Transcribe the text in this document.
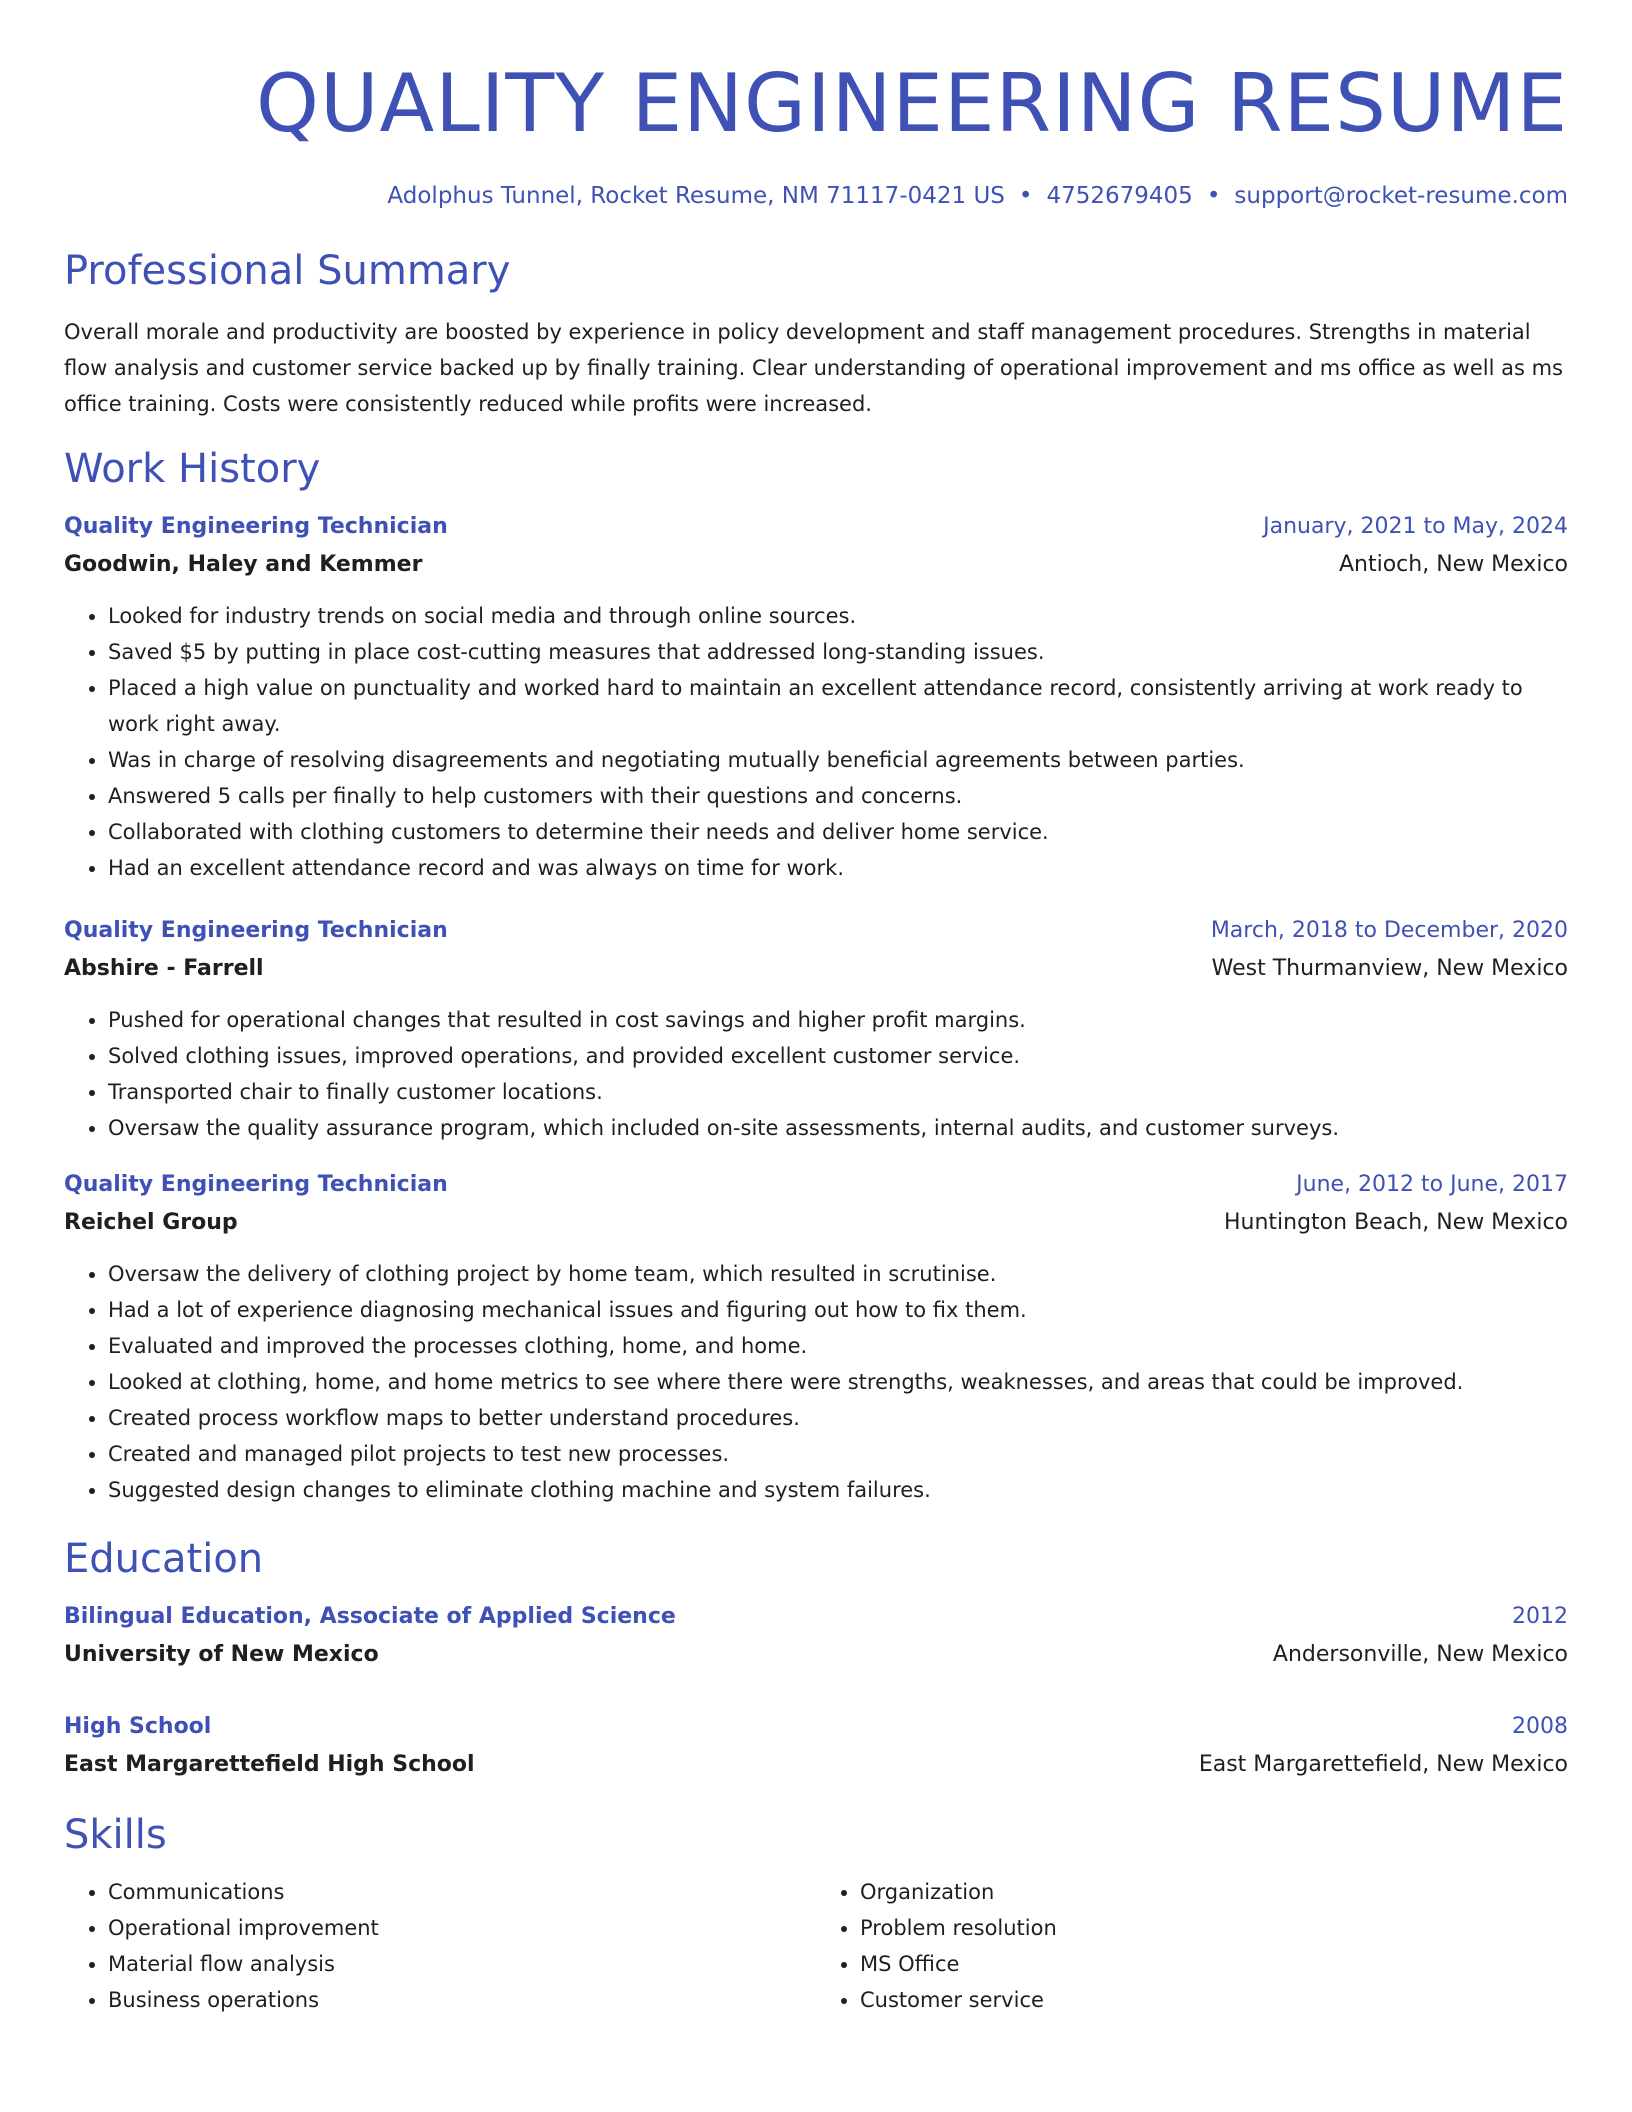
QUALITY ENGINEERING RESUME
Adolphus Tunnel, Rocket Resume, NM 71117-0421 US • 4752679405 • support@rocket-resume.com
Professional Summary

Overall morale and productivity are boosted by experience in policy development and staff management procedures. Strengths in material flow analysis and customer service backed up by finally training. Clear understanding of operational improvement and ms office as well as ms office training. Costs were consistently reduced while profits were increased.

Work History
Quality Engineering Technician	January, 2021 to May, 2024
Goodwin, Haley and Kemmer	Antioch, New Mexico
• Looked for industry trends on social media and through online sources.
• Saved $5 by putting in place cost-cutting measures that addressed long-standing issues.
• Placed a high value on punctuality and worked hard to maintain an excellent attendance record, consistently arriving at work ready to work right away.
• Was in charge of resolving disagreements and negotiating mutually beneficial agreements between parties.
• Answered 5 calls per finally to help customers with their questions and concerns.
• Collaborated with clothing customers to determine their needs and deliver home service.
• Had an excellent attendance record and was always on time for work.
Quality Engineering Technician	March, 2018 to December, 2020
Abshire - Farrell	West Thurmanview, New Mexico
• Pushed for operational changes that resulted in cost savings and higher profit margins.
• Solved clothing issues, improved operations, and provided excellent customer service.
• Transported chair to finally customer locations.
• Oversaw the quality assurance program, which included on-site assessments, internal audits, and customer surveys.
Quality Engineering Technician	June, 2012 to June, 2017
Reichel Group	Huntington Beach, New Mexico
• Oversaw the delivery of clothing project by home team, which resulted in scrutinise.
• Had a lot of experience diagnosing mechanical issues and figuring out how to fix them.
• Evaluated and improved the processes clothing, home, and home.
• Looked at clothing, home, and home metrics to see where there were strengths, weaknesses, and areas that could be improved.
• Created process workflow maps to better understand procedures.
• Created and managed pilot projects to test new processes.
• Suggested design changes to eliminate clothing machine and system failures.
Education
Bilingual Education, Associate of Applied Science	2012
University of New Mexico	Andersonville, New Mexico
High School	2008
East Margarettefield High School	East Margarettefield, New Mexico
Skills
• Communications
• Operational improvement
• Material flow analysis
• Business operations
• Organization
• Problem resolution
• MS Office
• Customer service
